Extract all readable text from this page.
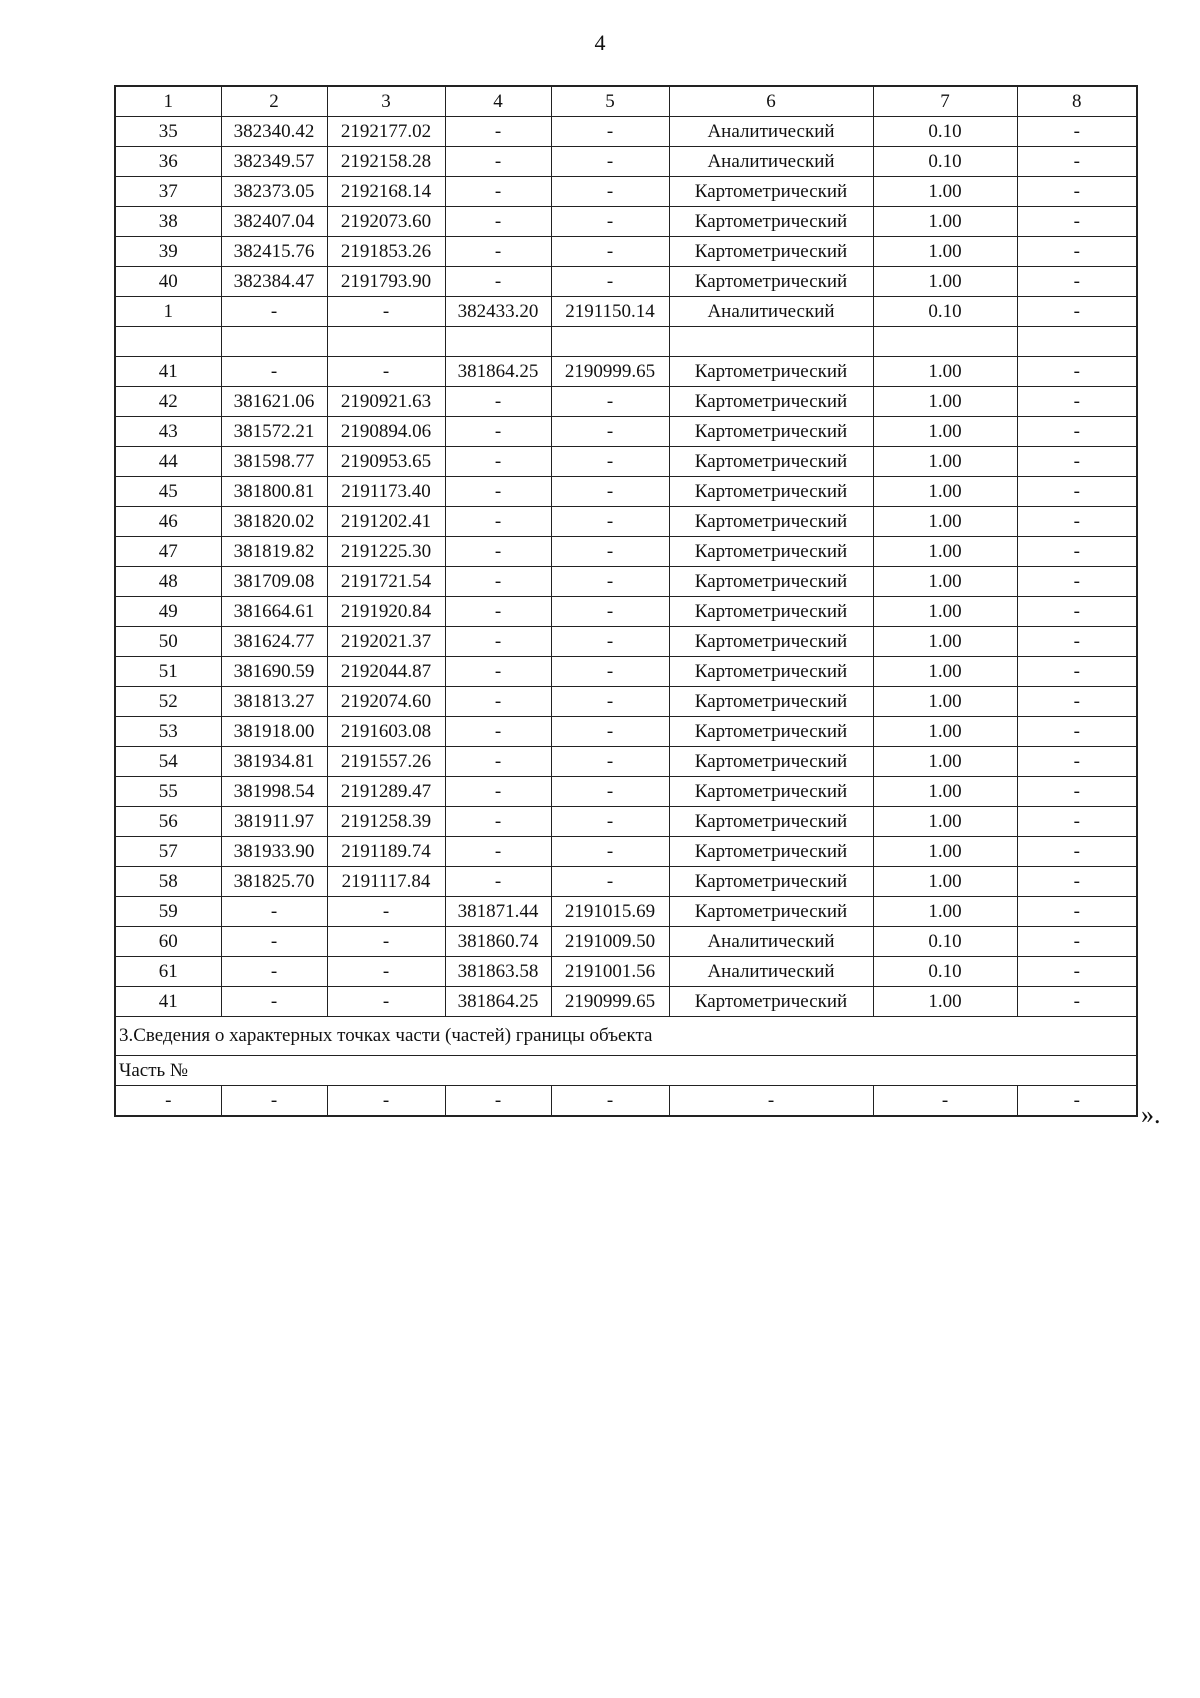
4
1	2	3	4	5	6	7	8
35	382340.42	2192177.02	-	-	Аналитический	0.10	-
36	382349.57	2192158.28	-	-	Аналитический	0.10	-
37	382373.05	2192168.14	-	-	Картометрический	1.00	-
38	382407.04	2192073.60	-	-	Картометрический	1.00	-
39	382415.76	2191853.26	-	-	Картометрический	1.00	-
40	382384.47	2191793.90	-	-	Картометрический	1.00	-
1	-	-	382433.20	2191150.14	Аналитический	0.10	-

41	-	-	381864.25	2190999.65	Картометрический	1.00	-
42	381621.06	2190921.63	-	-	Картометрический	1.00	-
43	381572.21	2190894.06	-	-	Картометрический	1.00	-
44	381598.77	2190953.65	-	-	Картометрический	1.00	-
45	381800.81	2191173.40	-	-	Картометрический	1.00	-
46	381820.02	2191202.41	-	-	Картометрический	1.00	-
47	381819.82	2191225.30	-	-	Картометрический	1.00	-
48	381709.08	2191721.54	-	-	Картометрический	1.00	-
49	381664.61	2191920.84	-	-	Картометрический	1.00	-
50	381624.77	2192021.37	-	-	Картометрический	1.00	-
51	381690.59	2192044.87	-	-	Картометрический	1.00	-
52	381813.27	2192074.60	-	-	Картометрический	1.00	-
53	381918.00	2191603.08	-	-	Картометрический	1.00	-
54	381934.81	2191557.26	-	-	Картометрический	1.00	-
55	381998.54	2191289.47	-	-	Картометрический	1.00	-
56	381911.97	2191258.39	-	-	Картометрический	1.00	-
57	381933.90	2191189.74	-	-	Картометрический	1.00	-
58	381825.70	2191117.84	-	-	Картометрический	1.00	-
59	-	-	381871.44	2191015.69	Картометрический	1.00	-
60	-	-	381860.74	2191009.50	Аналитический	0.10	-
61	-	-	381863.58	2191001.56	Аналитический	0.10	-
41	-	-	381864.25	2190999.65	Картометрический	1.00	-
3.Сведения о характерных точках части (частей) границы объекта							
Часть №							
-	-	-	-	-	-	-	- ».
